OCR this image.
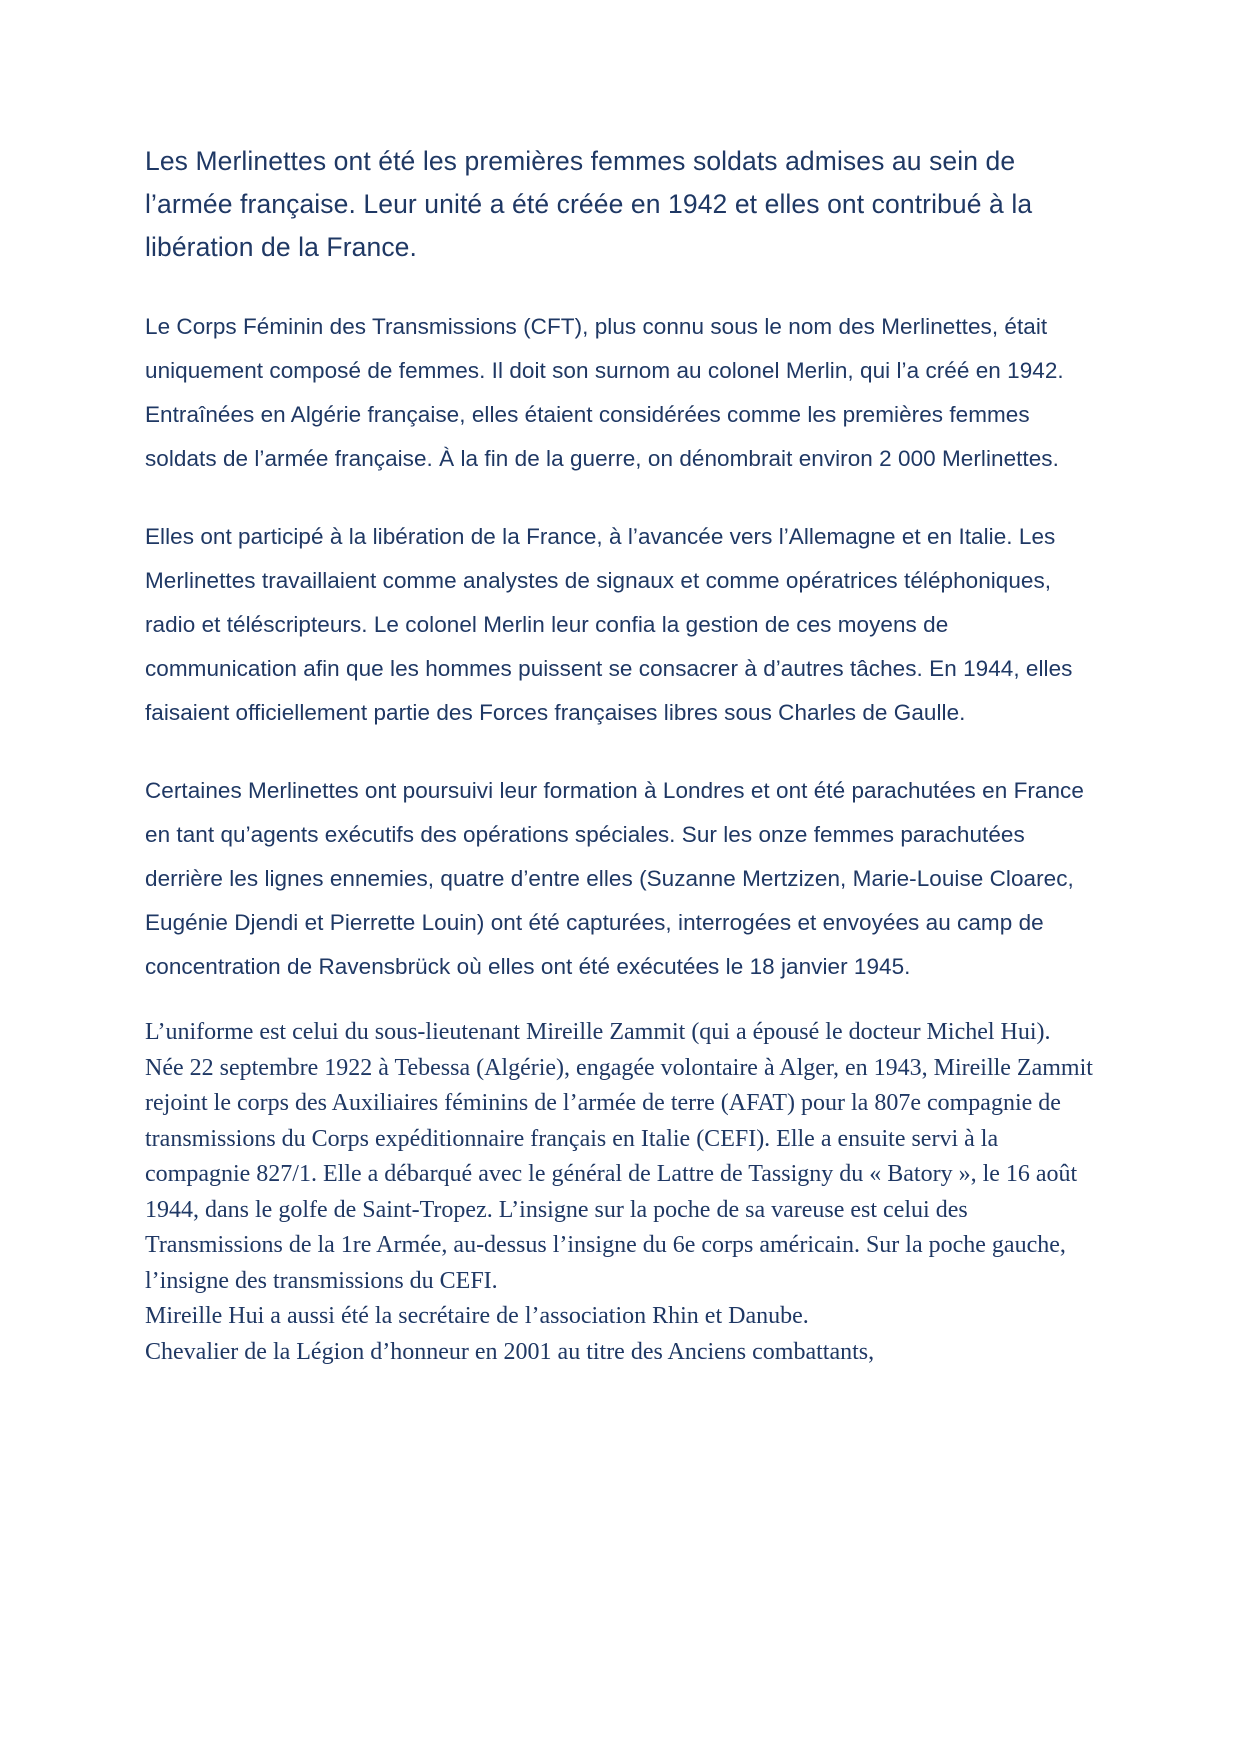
Les Merlinettes ont été les premières femmes soldats admises au sein de l’armée française. Leur unité a été créée en 1942 et elles ont contribué à la libération de la France.

Le Corps Féminin des Transmissions (CFT), plus connu sous le nom des Merlinettes, était uniquement composé de femmes. Il doit son surnom au colonel Merlin, qui l’a créé en 1942. Entraînées en Algérie française, elles étaient considérées comme les premières femmes soldats de l’armée française. À la fin de la guerre, on dénombrait environ 2 000 Merlinettes.

Elles ont participé à la libération de la France, à l’avancée vers l’Allemagne et en Italie. Les Merlinettes travaillaient comme analystes de signaux et comme opératrices téléphoniques, radio et téléscripteurs. Le colonel Merlin leur confia la gestion de ces moyens de communication afin que les hommes puissent se consacrer à d’autres tâches. En 1944, elles faisaient officiellement partie des Forces françaises libres sous Charles de Gaulle.

Certaines Merlinettes ont poursuivi leur formation à Londres et ont été parachutées en France en tant qu’agents exécutifs des opérations spéciales. Sur les onze femmes parachutées derrière les lignes ennemies, quatre d’entre elles (Suzanne Mertzizen, Marie-Louise Cloarec, Eugénie Djendi et Pierrette Louin) ont été capturées, interrogées et envoyées au camp de concentration de Ravensbrück où elles ont été exécutées le 18 janvier 1945.

L’uniforme est celui du sous-lieutenant Mireille Zammit (qui a épousé le docteur Michel Hui).

Née 22 septembre 1922 à Tebessa (Algérie), engagée volontaire à Alger, en 1943, Mireille Zammit rejoint le corps des Auxiliaires féminins de l’armée de terre (AFAT) pour la 807e compagnie de transmissions du Corps expéditionnaire français en Italie (CEFI). Elle a ensuite servi à la compagnie 827/1. Elle a débarqué avec le général de Lattre de Tassigny du « Batory », le 16 août 1944, dans le golfe de Saint-Tropez. L’insigne sur la poche de sa vareuse est celui des Transmissions de la 1re Armée, au-dessus l’insigne du 6e corps américain. Sur la poche gauche, l’insigne des transmissions du CEFI.

Mireille Hui a aussi été la secrétaire de l’association Rhin et Danube.

Chevalier de la Légion d’honneur en 2001 au titre des Anciens combattants,
